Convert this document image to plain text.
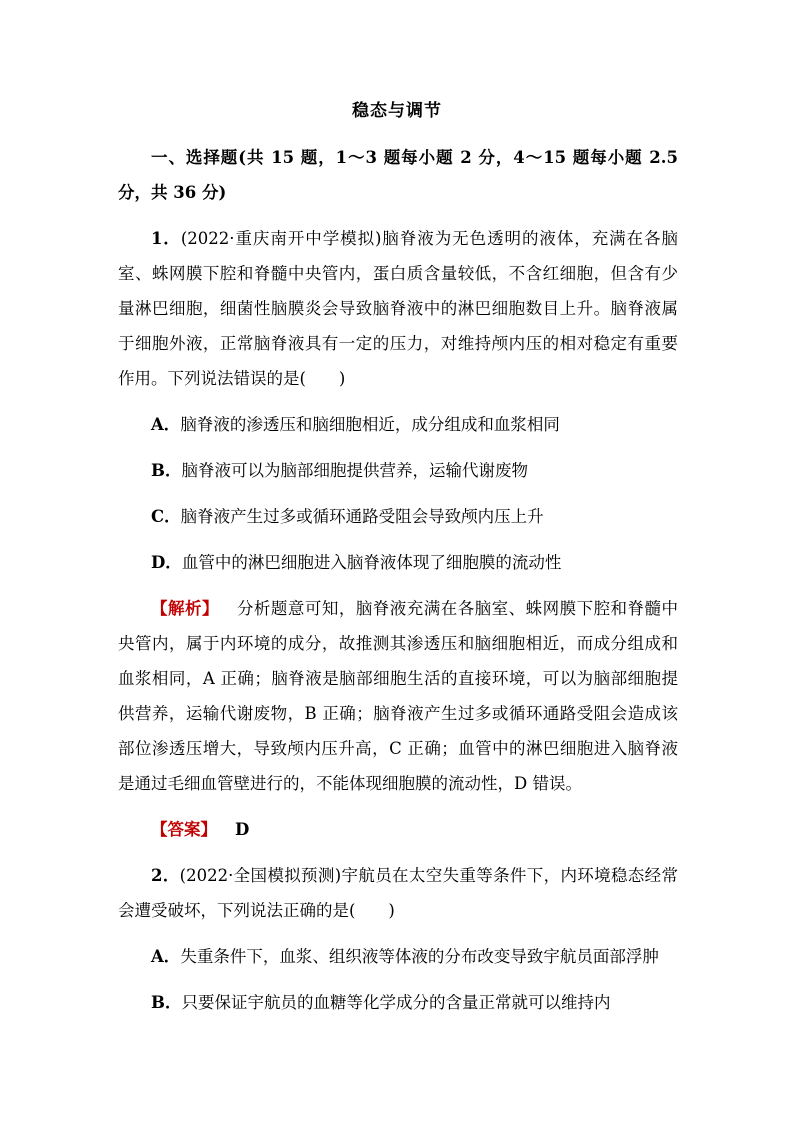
稳态与调节

一、选择题(共 15 题，1～3 题每小题 2 分，4～15 题每小题 2.5 分，共 36 分)

1．(2022·重庆南开中学模拟)脑脊液为无色透明的液体，充满在各脑室、蛛网膜下腔和脊髓中央管内，蛋白质含量较低，不含红细胞，但含有少量淋巴细胞，细菌性脑膜炎会导致脑脊液中的淋巴细胞数目上升。脑脊液属于细胞外液，正常脑脊液具有一定的压力，对维持颅内压的相对稳定有重要作用。下列说法错误的是(　　)

A．脑脊液的渗透压和脑细胞相近，成分组成和血浆相同

B．脑脊液可以为脑部细胞提供营养，运输代谢废物

C．脑脊液产生过多或循环通路受阻会导致颅内压上升

D．血管中的淋巴细胞进入脑脊液体现了细胞膜的流动性

【解析】 分析题意可知，脑脊液充满在各脑室、蛛网膜下腔和脊髓中央管内，属于内环境的成分，故推测其渗透压和脑细胞相近，而成分组成和血浆相同，A 正确；脑脊液是脑部细胞生活的直接环境，可以为脑部细胞提供营养，运输代谢废物，B 正确；脑脊液产生过多或循环通路受阻会造成该部位渗透压增大，导致颅内压升高，C 正确；血管中的淋巴细胞进入脑脊液是通过毛细血管壁进行的，不能体现细胞膜的流动性，D 错误。

【答案】 D

2．(2022·全国模拟预测)宇航员在太空失重等条件下，内环境稳态经常会遭受破坏，下列说法正确的是(　　)

A．失重条件下，血浆、组织液等体液的分布改变导致宇航员面部浮肿

B．只要保证宇航员的血糖等化学成分的含量正常就可以维持内
